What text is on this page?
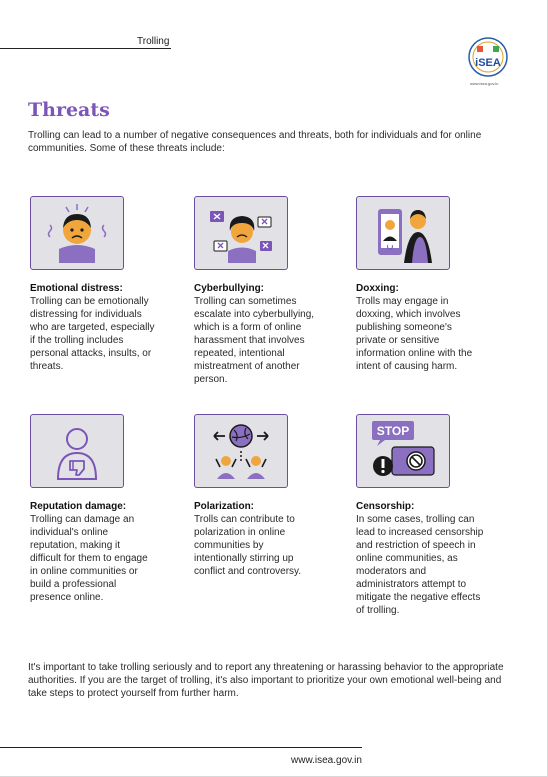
Trolling
iSEA
www.isea.gov.in
Threats

Trolling can lead to a number of negative consequences and threats, both for individuals and for online communities. Some of these threats include:

Emotional distress:

Trolling can be emotionally distressing for individuals who are targeted, especially if the trolling includes personal attacks, insults, or threats.

Cyberbullying:

Trolling can sometimes escalate into cyberbullying, which is a form of online harassment that involves repeated, intentional mistreatment of another person.

Doxxing:

Trolls may engage in doxxing, which involves publishing someone's private or sensitive information online with the intent of causing harm.

Reputation damage:

Trolling can damage an individual's online reputation, making it difficult for them to engage in online communities or build a professional presence online.

Polarization:

Trolls can contribute to polarization in online communities by intentionally stirring up conflict and controversy.

STOP
Censorship:

In some cases, trolling can lead to increased censorship and restriction of speech in online communities, as moderators and administrators attempt to mitigate the negative effects of trolling.

It's important to take trolling seriously and to report any threatening or harassing behavior to the appropriate authorities. If you are the target of trolling, it's also important to prioritize your own emotional well-being and take steps to protect yourself from further harm.

www.isea.gov.in
